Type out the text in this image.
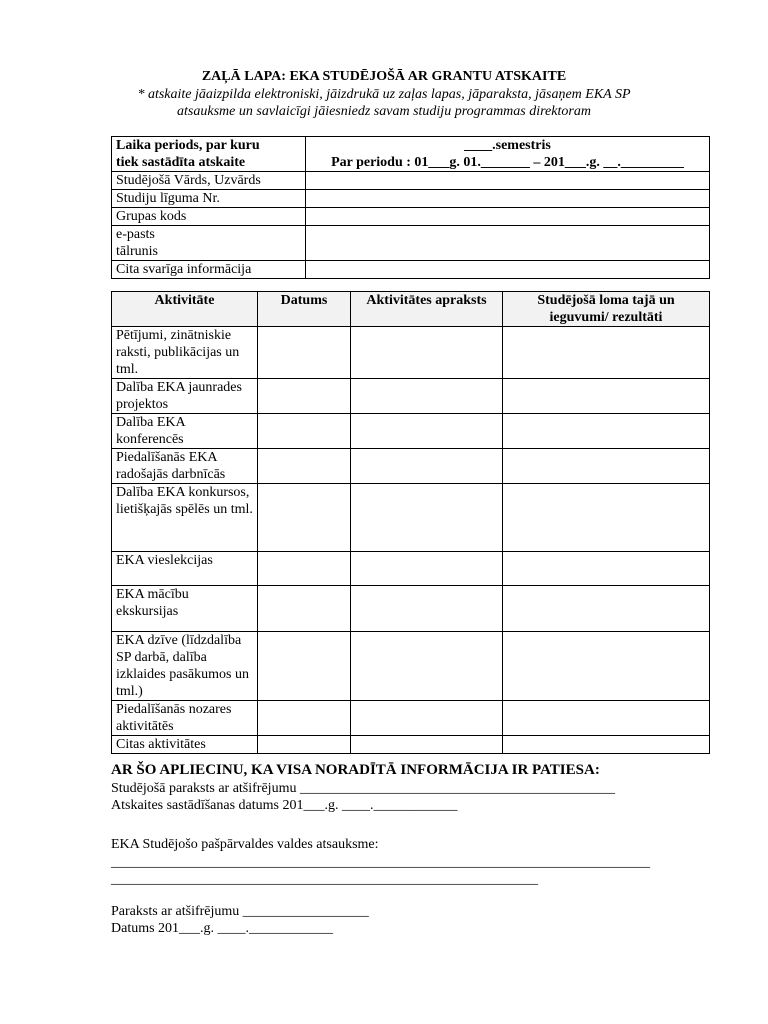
ZAĻĀ LAPA: EKA STUDĒJOŠĀ AR GRANTU ATSKAITE
* atskaite jāaizpilda elektroniski, jāizdrukā uz zaļas lapas, jāparaksta, jāsaņem EKA SP
atsauksme un savlaicīgi jāiesniedz savam studiju programmas direktoram
Laika periods, par kuru
tiek sastādīta atskaite	____.semestris
Par periodu : 01___g. 01._______ – 201___.g. __._________
Studējošā Vārds, Uzvārds	
Studiju līguma Nr.	
Grupas kods	
e-pasts
tālrunis	
Cita svarīga informācija	
Aktivitāte	Datums	Aktivitātes apraksts	Studējošā loma tajā un ieguvumi/ rezultāti
Pētījumi, zinātniskie raksti, publikācijas un tml.			
Dalība EKA jaunrades projektos			
Dalība EKA konferencēs			
Piedalīšanās EKA radošajās darbnīcās			
Dalība EKA konkursos, lietišķajās spēlēs un tml.			
EKA vieslekcijas			
EKA mācību ekskursijas			
EKA dzīve (līdzdalība SP darbā, dalība izklaides pasākumos un tml.)			
Piedalīšanās nozares aktivitātēs			
Citas aktivitātes			
AR ŠO APLIECINU, KA VISA NORADĪTĀ INFORMĀCIJA IR PATIESA:
Studējošā paraksts ar atšifrējumu _____________________________________________
Atskaites sastādīšanas datums 201___.g. ____.____________
EKA Studējošo pašpārvaldes valdes atsauksme:
_____________________________________________________________________________
_____________________________________________________________
Paraksts ar atšifrējumu __________________
Datums 201___.g. ____.____________
